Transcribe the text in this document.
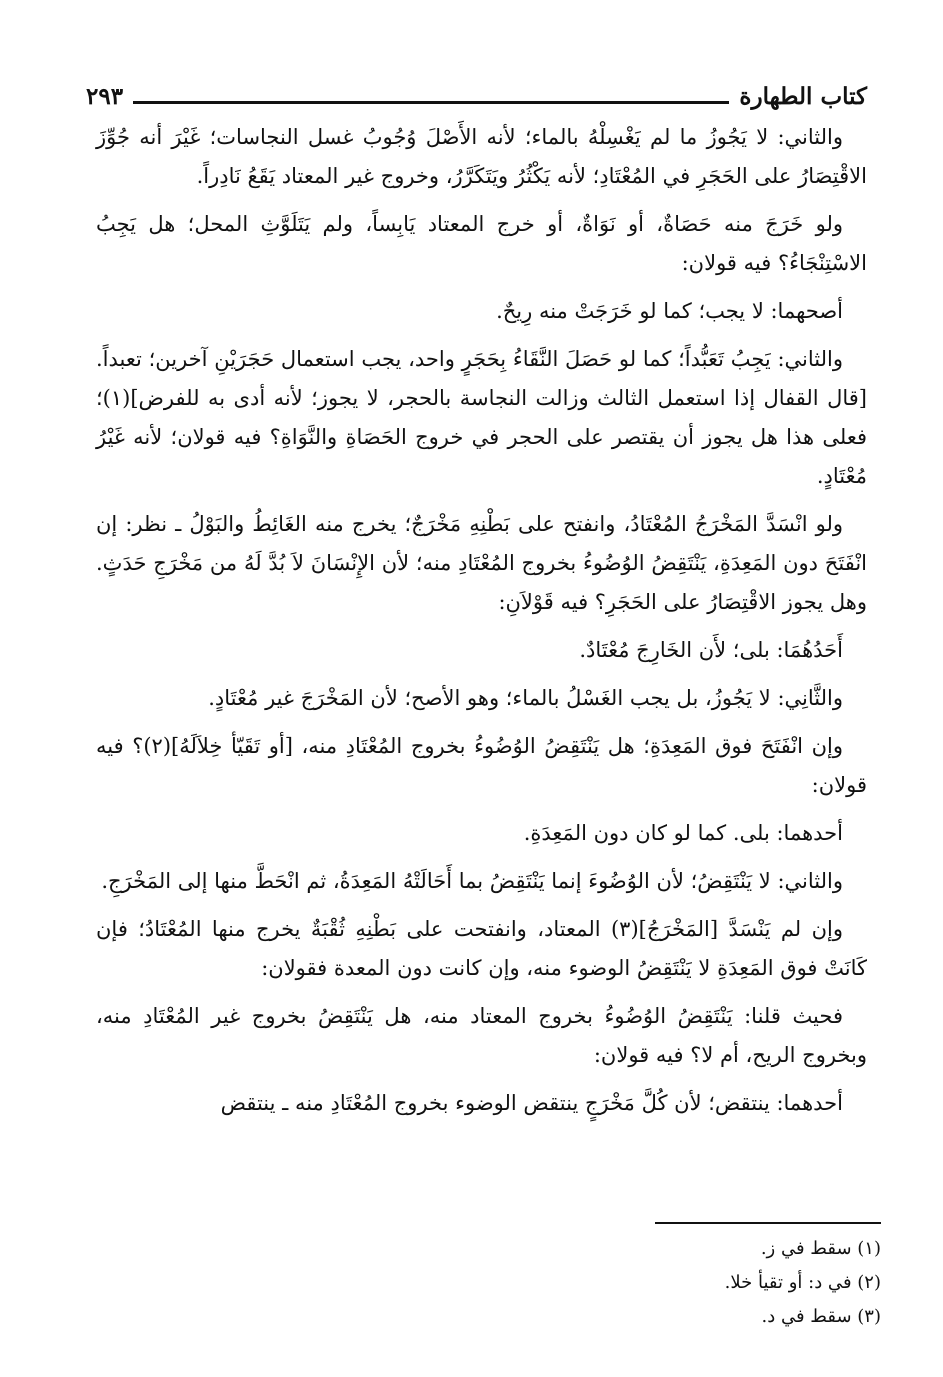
كتاب الطهارة
٢٩٣

والثاني: لا يَجُوزُ ما لم يَغْسِلْهُ بالماء؛ لأنه الأَصْلَ وُجُوبُ غسل النجاسات؛ غَيْرَ أنه جُوِّزَ الاقْتِصَارُ على الحَجَرِ في المُعْتَادِ؛ لأنه يَكْثُرُ ويَتَكَرَّرُ، وخروج غير المعتاد يَقَعُ نَادِراً.

ولو خَرَجَ منه حَصَاةٌ، أو نَوَاةٌ، أو خرج المعتاد يَابِساً، ولم يَتَلَوَّثِ المحل؛ هل يَجِبُ الاسْتِنْجَاءُ؟ فيه قولان:

أصحهما: لا يجب؛ كما لو خَرَجَتْ منه رِيحٌ.

والثاني: يَجِبُ تَعَبُّداً؛ كما لو حَصَلَ النَّقَاءُ بِحَجَرٍ واحد، يجب استعمال حَجَرَيْنِ آخرين؛ تعبداً. [قال القفال إذا استعمل الثالث وزالت النجاسة بالحجر، لا يجوز؛ لأنه أدى به للفرض](١)؛ فعلى هذا هل يجوز أن يقتصر على الحجر في خروج الحَصَاةِ والنَّوَاةِ؟ فيه قولان؛ لأنه غَيْرُ مُعْتَادٍ.

ولو انْسَدَّ المَخْرَجُ المُعْتَادُ، وانفتح على بَطْنِهِ مَخْرَجٌ؛ يخرج منه الغَائِطُ والبَوْلُ ـ نظر: إن انْفَتَحَ دون المَعِدَةِ، يَنْتَقِضُ الوُضُوءُ بخروج المُعْتَادِ منه؛ لأن الإِنْسَانَ لاَ بُدَّ لَهُ من مَخْرَجِ حَدَثٍ. وهل يجوز الاقْتِصَارُ على الحَجَرِ؟ فيه قَوْلاَنِ:

أَحَدُهُمَا: بلى؛ لأَن الخَارِجَ مُعْتَادٌ.

والثَّانِي: لا يَجُوزُ، بل يجب الغَسْلُ بالماء؛ وهو الأصح؛ لأن المَخْرَجَ غير مُعْتَادٍ.

وإن انْفَتَحَ فوق المَعِدَةِ؛ هل يَنْتَقِضُ الوُضُوءُ بخروج المُعْتَادِ منه، [أو تَقَيّأ خِلاَلَهُ](٢)؟ فيه قولان:

أحدهما: بلى. كما لو كان دون المَعِدَةِ.

والثاني: لا يَنْتَقِضُ؛ لأن الوُضُوءَ إنما يَنْتَقِضُ بما أَحَالَتْهُ المَعِدَةُ، ثم انْحَطَّ منها إلى المَخْرَجِ.

وإن لم يَنْسَدَّ [المَخْرَجُ](٣) المعتاد، وانفتحت على بَطْنِهِ ثُقْبَةٌ يخرج منها المُعْتَادُ؛ فإن كَانَتْ فوق المَعِدَةِ لا يَنْتَقِضُ الوضوء منه، وإن كانت دون المعدة فقولان:

فحيث قلنا: يَنْتَقِضُ الوُضُوءُ بخروج المعتاد منه، هل يَنْتَقِضُ بخروج غير المُعْتَادِ منه، وبخروج الريح، أم لا؟ فيه قولان:

أحدهما: ينتقض؛ لأن كُلَّ مَخْرَجٍ ينتقض الوضوء بخروج المُعْتَادِ منه ـ ينتقض

(١) سقط في ز.
(٢) في د: أو تقيأ خلا.
(٣) سقط في د.
